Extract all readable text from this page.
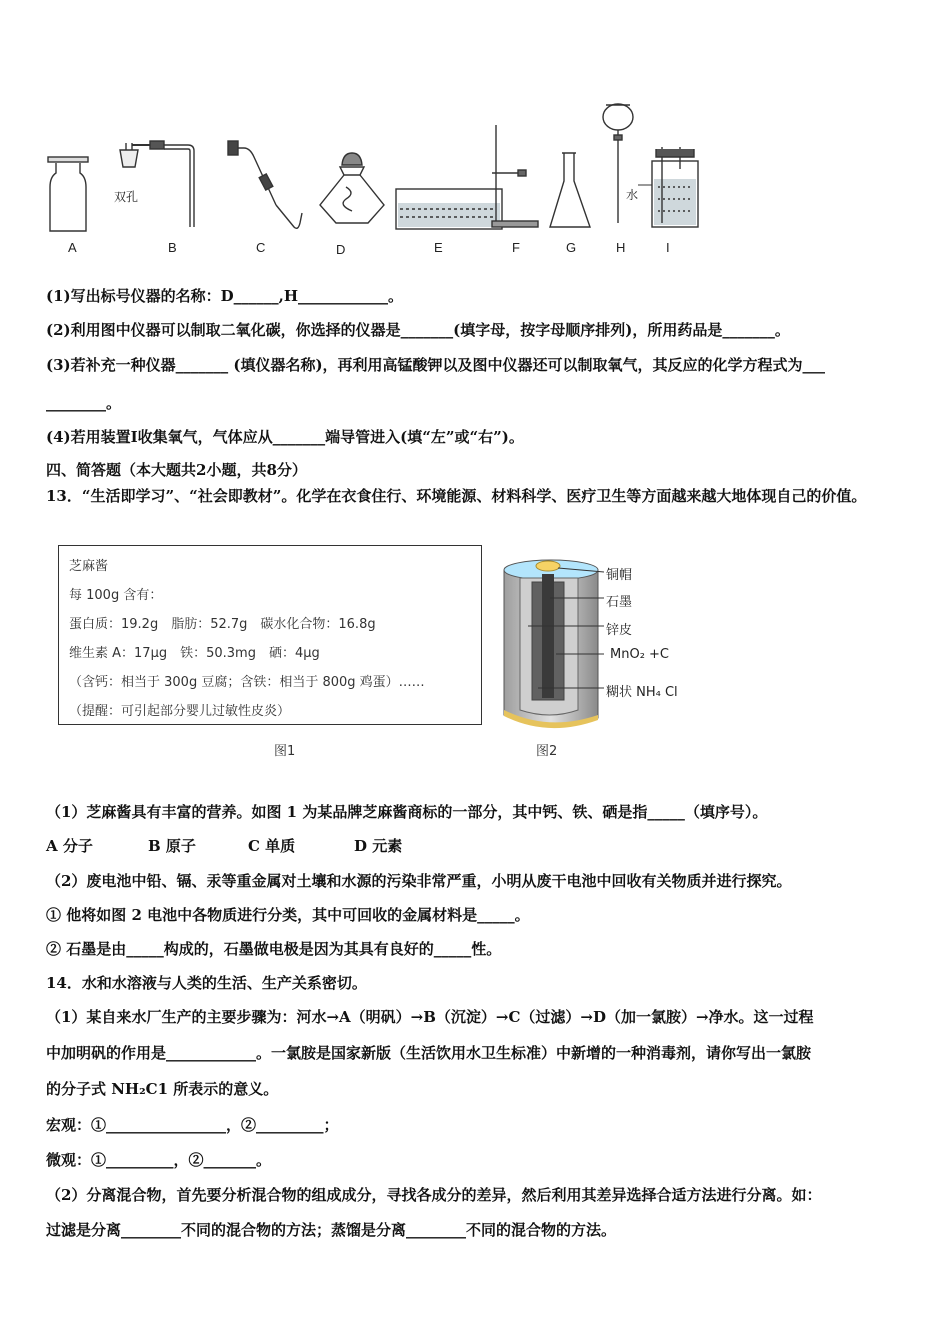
A	B	C	D	E	F	G	H	I
双孔	水
(1)写出标号仪器的名称：D______,H____________。
(2)利用图中仪器可以制取二氧化碳，你选择的仪器是_______(填字母，按字母顺序排列)，所用药品是_______。
(3)若补充一种仪器_______ (填仪器名称)，再利用高锰酸钾以及图中仪器还可以制取氧气，其反应的化学方程式为___
________。
(4)若用装置I收集氧气，气体应从_______端导管进入(填“左”或“右”)。
四、简答题（本大题共2小题，共8分）
13．“生活即学习”、“社会即教材”。化学在衣食住行、环境能源、材料科学、医疗卫生等方面越来越大地体现自己的价值。
芝麻酱
每 100g 含有：
蛋白质：19.2g　脂肪：52.7g　碳水化合物：16.8g
维生素 A：17μg　铁：50.3mg　硒：4μg
（含钙：相当于 300g 豆腐；含铁：相当于 800g 鸡蛋）……
（提醒：可引起部分婴儿过敏性皮炎）
图1
铜帽
石墨
锌皮
MnO₂ +C
糊状 NH₄ Cl
图2
（1）芝麻酱具有丰富的营养。如图 1 为某品牌芝麻酱商标的一部分，其中钙、铁、硒是指_____（填序号）。
A 分子	B 原子	C 单质	D 元素
（2）废电池中铅、镉、汞等重金属对土壤和水源的污染非常严重，小明从废干电池中回收有关物质并进行探究。
① 他将如图 2 电池中各物质进行分类，其中可回收的金属材料是_____。
② 石墨是由_____构成的，石墨做电极是因为其具有良好的_____性。
14．水和水溶液与人类的生活、生产关系密切。
（1）某自来水厂生产的主要步骤为：河水→A（明矾）→B（沉淀）→C（过滤）→D（加一氯胺）→净水。这一过程
中加明矾的作用是____________。一氯胺是国家新版（生活饮用水卫生标准）中新增的一种消毒剂，请你写出一氯胺
的分子式 NH₂C1 所表示的意义。
宏观：①________________，②_________；
微观：①_________，②_______。
（2）分离混合物，首先要分析混合物的组成成分，寻找各成分的差异，然后利用其差异选择合适方法进行分离。如：
过滤是分离________不同的混合物的方法；蒸馏是分离________不同的混合物的方法。
